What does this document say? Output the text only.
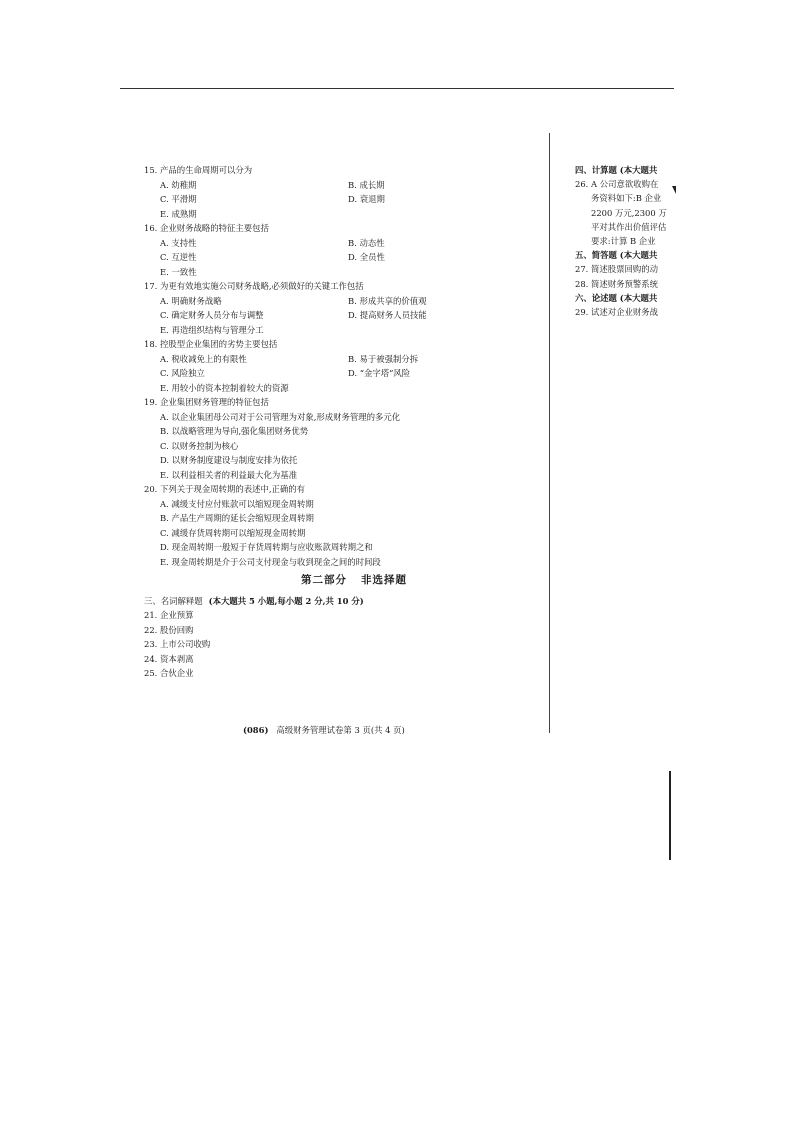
15. 产品的生命周期可以分为
A. 幼稚期	B. 成长期
C. 平滑期	D. 衰退期
E. 成熟期
16. 企业财务战略的特征主要包括
A. 支持性	B. 动态性
C. 互逆性	D. 全员性
E. 一致性
17. 为更有效地实施公司财务战略,必须做好的关键工作包括
A. 明确财务战略	B. 形成共享的价值观
C. 确定财务人员分布与调整	D. 提高财务人员技能
E. 再造组织结构与管理分工
18. 控股型企业集团的劣势主要包括
A. 税收减免上的有限性	B. 易于被强制分拆
C. 风险独立	D. “金字塔”风险
E. 用较小的资本控制着较大的资源
19. 企业集团财务管理的特征包括
A. 以企业集团母公司对于公司管理为对象,形成财务管理的多元化
B. 以战略管理为导向,强化集团财务优势
C. 以财务控制为核心
D. 以财务制度建设与制度安排为依托
E. 以利益相关者的利益最大化为基准
20. 下列关于现金周转期的表述中,正确的有
A. 减缓支付应付账款可以缩短现金周转期
B. 产品生产周期的延长会缩短现金周转期
C. 减缓存货周转期可以缩短现金周转期
D. 现金周转期一般短于存货周转期与应收账款周转期之和
E. 现金周转期是介于公司支付现金与收到现金之间的时间段
第二部分 非选择题
三、名词解释题 (本大题共 5 小题,每小题 2 分,共 10 分)
21. 企业预算
22. 股份回购
23. 上市公司收购
24. 资本剥离
25. 合伙企业
(086) 高级财务管理试卷第 3 页(共 4 页)
四、计算题 (本大题共
26. A 公司意欲收购在
务资料如下:B 企业
2200 万元,2300 万
平对其作出价值评估
要求:计算 B 企业
五、简答题 (本大题共
27. 简述股票回购的动
28. 简述财务预警系统
六、论述题 (本大题共
29. 试述对企业财务战
